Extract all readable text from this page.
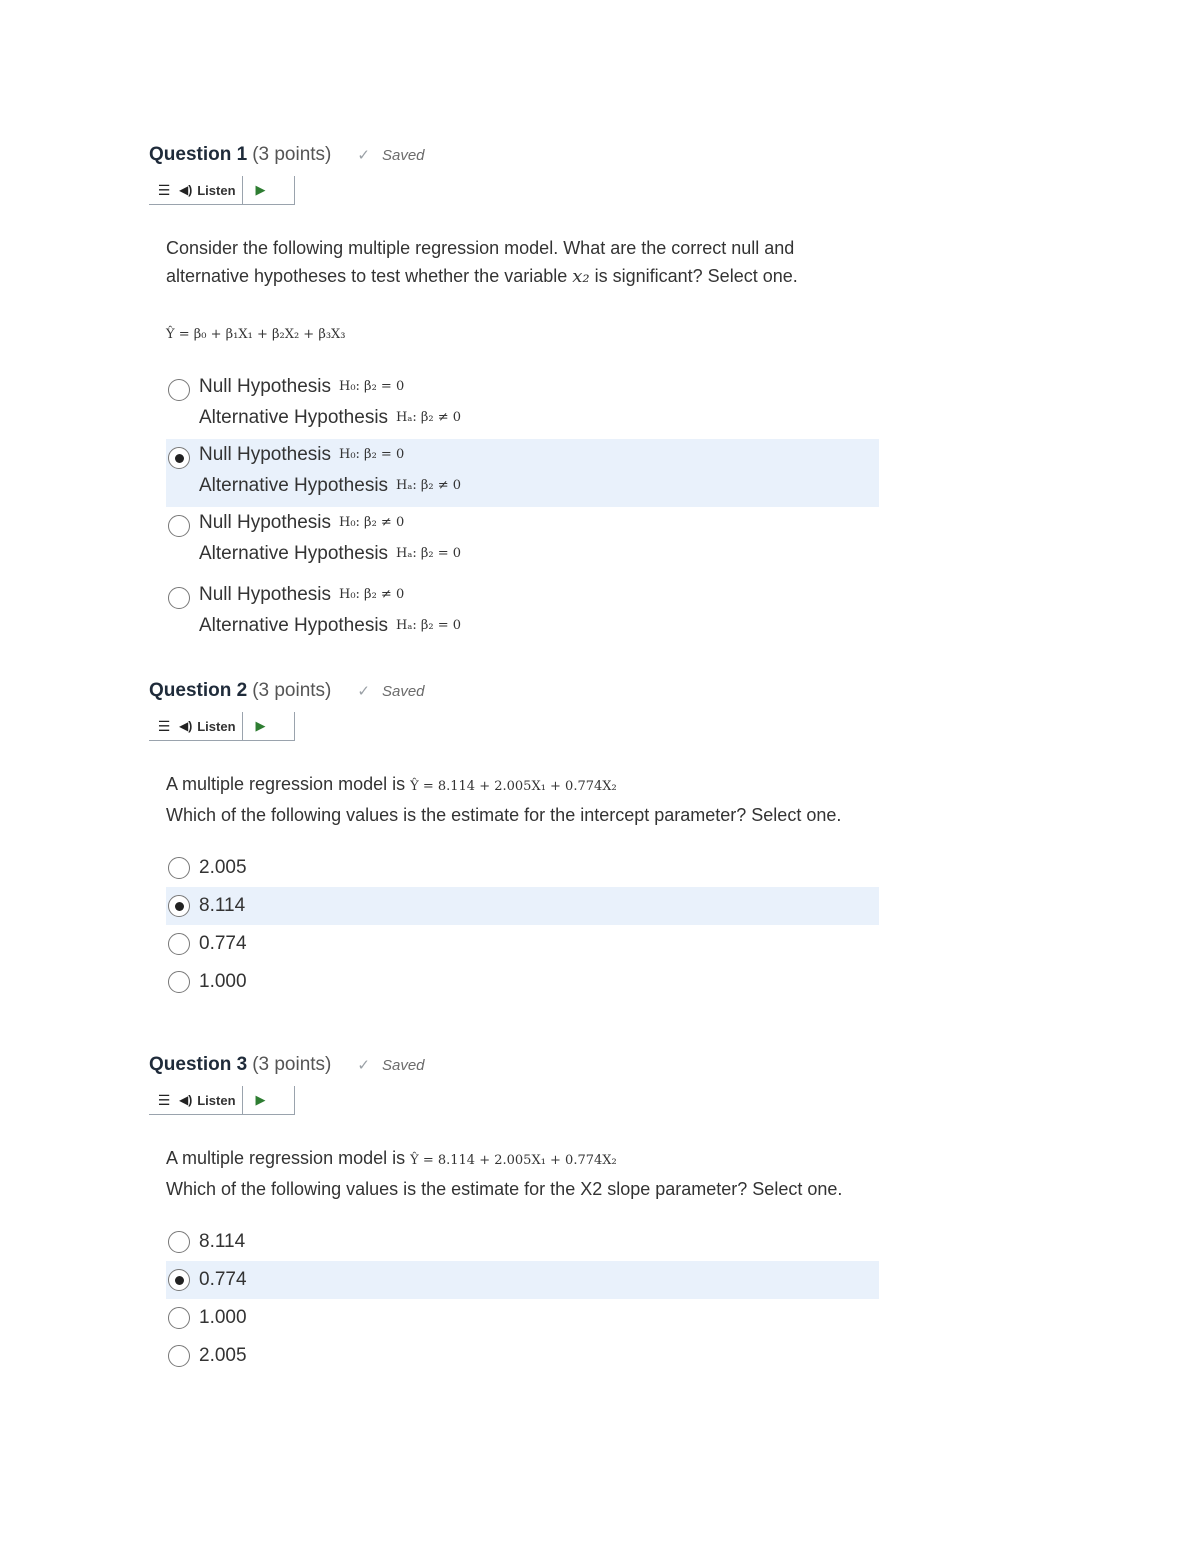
Question 1 (3 points) ✓ Saved
☰ ◀) Listen ▶
Consider the following multiple regression model. What are the correct null and alternative hypotheses to test whether the variable x₂ is significant? Select one.
Ŷ = β₀ + β₁X₁ + β₂X₂ + β₃X₃
Null Hypothesis H₀: β₂ = 0
Alternative Hypothesis Hₐ: β₂ ≠ 0
Null Hypothesis H₀: β₂ = 0
Alternative Hypothesis Hₐ: β₂ ≠ 0
Null Hypothesis H₀: β₂ ≠ 0
Alternative Hypothesis Hₐ: β₂ = 0
Null Hypothesis H₀: β₂ ≠ 0
Alternative Hypothesis Hₐ: β₂ = 0
Question 2 (3 points) ✓ Saved
☰ ◀) Listen ▶
A multiple regression model is Ŷ = 8.114 + 2.005X₁ + 0.774X₂
Which of the following values is the estimate for the intercept parameter? Select one.
2.005
8.114
0.774
1.000
Question 3 (3 points) ✓ Saved
☰ ◀) Listen ▶
A multiple regression model is Ŷ = 8.114 + 2.005X₁ + 0.774X₂
Which of the following values is the estimate for the X2 slope parameter? Select one.
8.114
0.774
1.000
2.005
